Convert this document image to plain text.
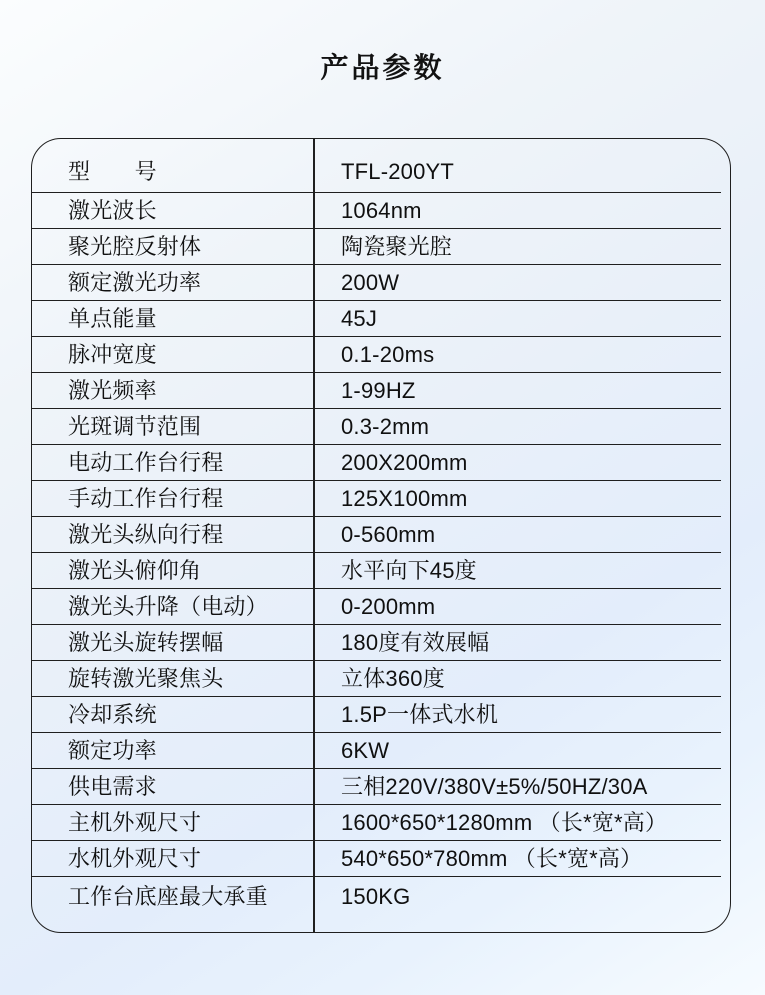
产品参数
型　　号	TFL-200YT
激光波长	1064nm
聚光腔反射体	陶瓷聚光腔
额定激光功率	200W
单点能量	45J
脉冲宽度	0.1-20ms
激光频率	1-99HZ
光斑调节范围	0.3-2mm
电动工作台行程	200X200mm
手动工作台行程	125X100mm
激光头纵向行程	0-560mm
激光头俯仰角	水平向下45度
激光头升降（电动）	0-200mm
激光头旋转摆幅	180度有效展幅
旋转激光聚焦头	立体360度
冷却系统	1.5P一体式水机
额定功率	6KW
供电需求	三相220V/380V±5%/50HZ/30A
主机外观尺寸	1600*650*1280mm （长*宽*高）
水机外观尺寸	540*650*780mm （长*宽*高）
工作台底座最大承重	150KG
